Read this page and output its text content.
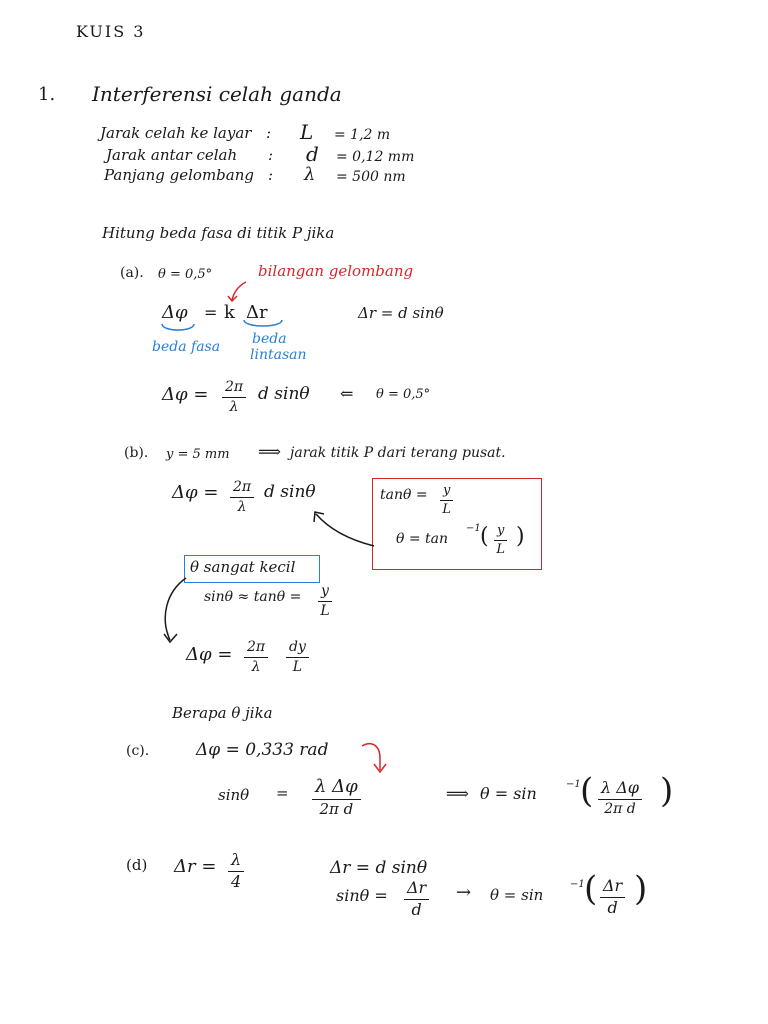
KUIS 3
1. Interferensi celah ganda
Jarak celah ke layar : L = 1,2 m
Jarak antar celah : d = 0,12 mm
Panjang gelombang : λ = 500 nm
Hitung beda fasa di titik P jika
(a). θ = 0,5°	bilangan gelombang
Δφ = k Δr	Δr = d sinθ
beda fasa beda
lintasan
$\Delta\varphi = \frac{2\pi}{\lambda}$ d sinθ ⇐ θ = 0,5°
(b). y = 5 mm ⟹ jarak titik P dari terang pusat.
$\Delta\varphi = \frac{2\pi}{\lambda}$ d sinθ	$\tan\theta = \frac{y}{L}$
θ = tan
−1 ( $\frac{y}{L}$ )
θ sangat kecil
$\sin\theta \approx \tan\theta = \frac{y}{L}$
$\Delta\varphi = \frac{2\pi}{\lambda} \frac{dy}{L}$
Berapa θ jika
(c).	Δφ = 0,333 rad
sinθ = λ Δφ
2π d
⟹ θ = sin	−1 ( $\frac{\text{λ Δφ}}{\text{2π d}}$ )
(d) $\Delta r = \frac{\lambda}{4}$	Δr = d sinθ
$\sin\theta = \frac{\Delta r}{d} \to \theta = \sin$
−1 ( $\frac{\Delta r}{d}$ )
